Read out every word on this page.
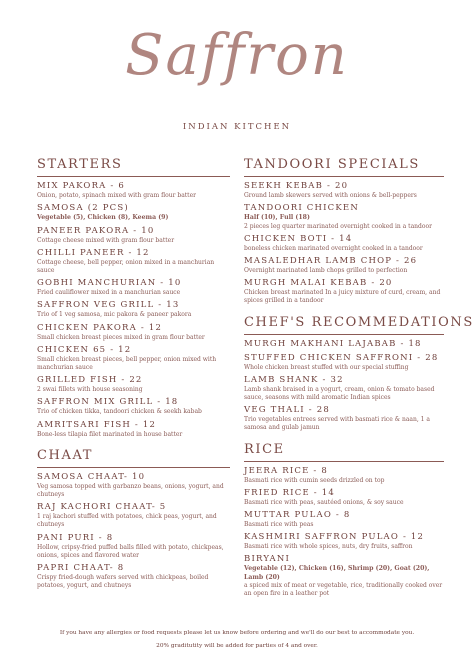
Saffron
INDIAN KITCHEN
STARTERS
MIX PAKORA - 6
Onion, potato, spinach mixed with gram flour batter
SAMOSA (2 PCS)
Vegetable (5), Chicken (8), Keema (9)
PANEER PAKORA - 10
Cottage cheese mixed with gram flour batter
CHILLI PANEER - 12
Cottage cheese, bell pepper, onion mixed in a manchurian sauce
GOBHI MANCHURIAN - 10
Fried cauliflower mixed in a manchurian sauce
SAFFRON VEG GRILL - 13
Trio of 1 veg samosa, mic pakora & paneer pakora
CHICKEN PAKORA - 12
Small chicken breast pieces mixed in gram flour batter
CHICKEN 65 - 12
Small chicken breast pieces, bell pepper, onion mixed with manchurian sauce
GRILLED FISH - 22
2 swai fillets with house seasoning
SAFFRON MIX GRILL - 18
Trio of chicken tikka, tandoori chicken & seekh kabab
AMRITSARI FISH - 12
Bone-less tilapia filet marinated in house batter
CHAAT
SAMOSA CHAAT- 10
Veg samosa topped with garbanzo beans, onions, yogurt, and chutneys
RAJ KACHORI CHAAT- 5
1 raj kachori stuffed with potatoes, chick peas, yogurt, and chutneys
PANI PURI - 8
Hollow, cripsy-fried puffed balls filled with potato, chickpeas, onions, spices and flavored water
PAPRI CHAAT- 8
Crispy fried-dough wafers served with chickpeas, boiled potatoes, yogurt, and chutneys
TANDOORI SPECIALS
SEEKH KEBAB - 20
Ground lamb skewers served with onions & bell-peppers
TANDOORI CHICKEN
Half (10), Full (18)
2 pieces leg quarter marinated overnight cooked in a tandoor
CHICKEN BOTI - 14
boneless chicken marinated overnight cooked in a tandoor
MASALEDHAR LAMB CHOP - 26
Overnight marinated lamb chops grilled to perfection
MURGH MALAI KEBAB - 20
Chicken breast marinated In a juicy mixture of curd, cream, and spices grilled in a tandoor
CHEF'S RECOMMEDATIONS
MURGH MAKHANI LAJABAB - 18
STUFFED CHICKEN SAFFRONI - 28
Whole chicken breast stuffed with our special stuffing
LAMB SHANK - 32
Lamb shank braised in a yogurt, cream, onion & tomato based sauce, seasons with mild aromatic Indian spices
VEG THALI - 28
Trio vegetables entrees served with basmati rice & naan, 1 a samosa and gulab jamun
RICE
JEERA RICE - 8
Basmati rice with cumin seeds drizzled on top
FRIED RICE - 14
Basmati rice with peas, sautéed onions, & soy sauce
MUTTAR PULAO - 8
Basmati rice with peas
KASHMIRI SAFFRON PULAO - 12
Basmati rice with whole spices, nuts, dry fruits, saffron
BIRYANI
Vegetable (12), Chicken (16), Shrimp (20), Goat (20), Lamb (20)
a spiced mix of meat or vegetable, rice, traditionally cooked over an open fire in a leather pot
If you have any allergies or food requests please let us know before ordering and we'll do our best to accommodate you.
20% graditutity will be added for parties of 4 and over.
